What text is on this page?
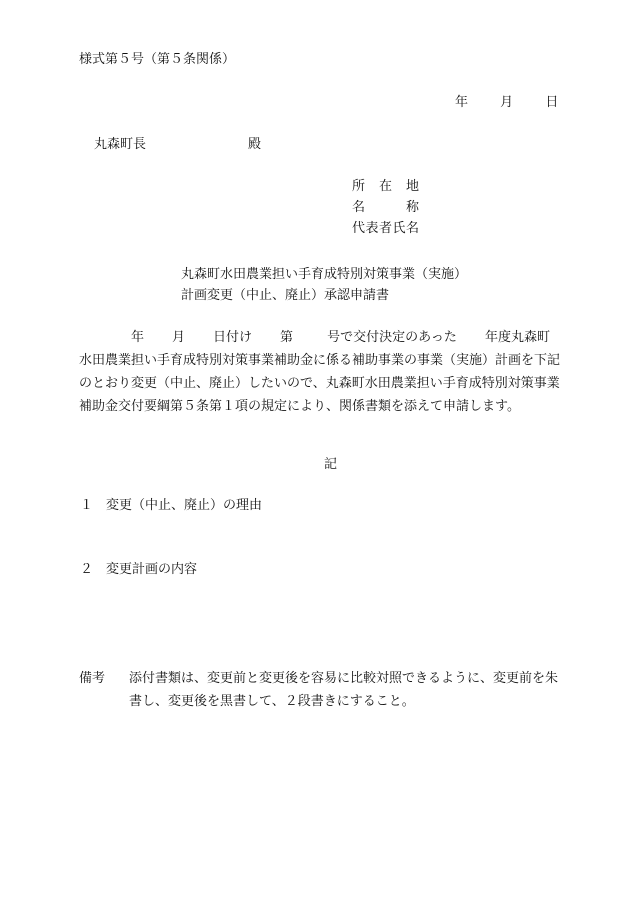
様式第５号（第５条関係）
年 月 日
丸森町長	殿
所　在　地
名　　　称
代表者氏名
丸森町水田農業担い手育成特別対策事業（実施）
計画変更（中止、廃止）承認申請書
年 月 日付け 第	号で交付決定のあった 年度丸森町
水田農業担い手育成特別対策事業補助金に係る補助事業の事業（実施）計画を下記
のとおり変更（中止、廃止）したいので、丸森町水田農業担い手育成特別対策事業
補助金交付要綱第５条第１項の規定により、関係書類を添えて申請します。
記
１ 変更（中止、廃止）の理由
２ 変更計画の内容
備考 添付書類は、変更前と変更後を容易に比較対照できるように、変更前を朱
書し、変更後を黒書して、２段書きにすること。
